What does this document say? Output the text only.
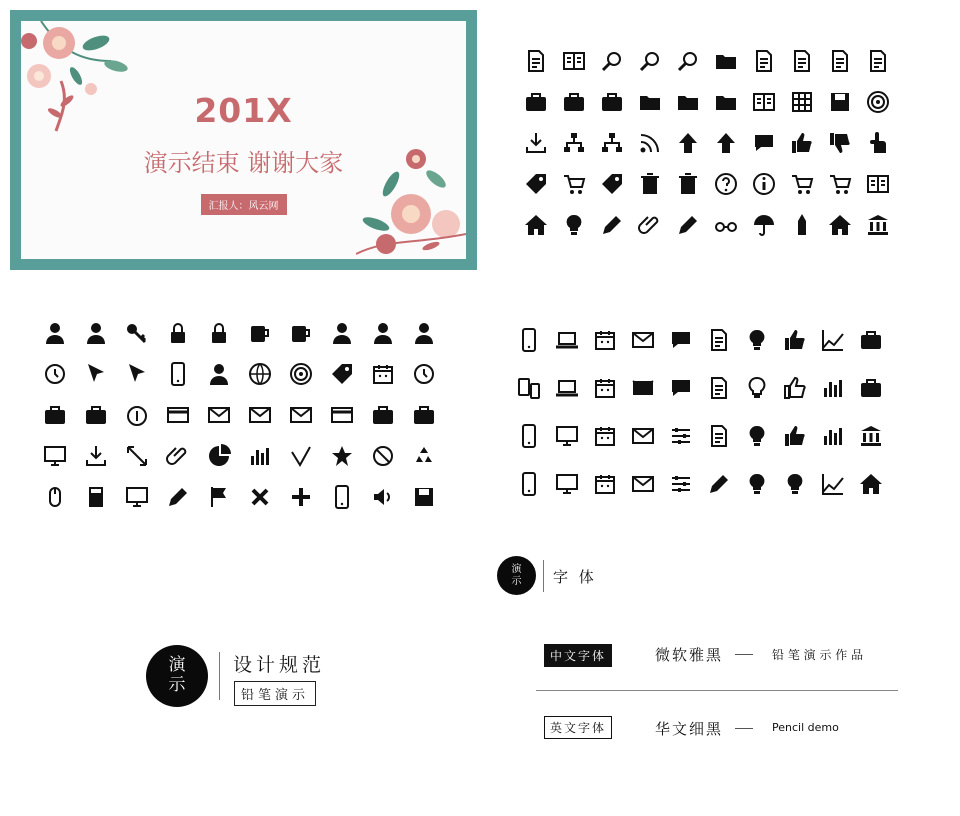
201X
演示结束 谢谢大家
汇报人：风云网
演
示
设计规范
铅笔演示
演
示 字 体
中文字体	微软雅黑	铅 笔 演 示 作 品
英文字体	华文细黑	Pencil demo
